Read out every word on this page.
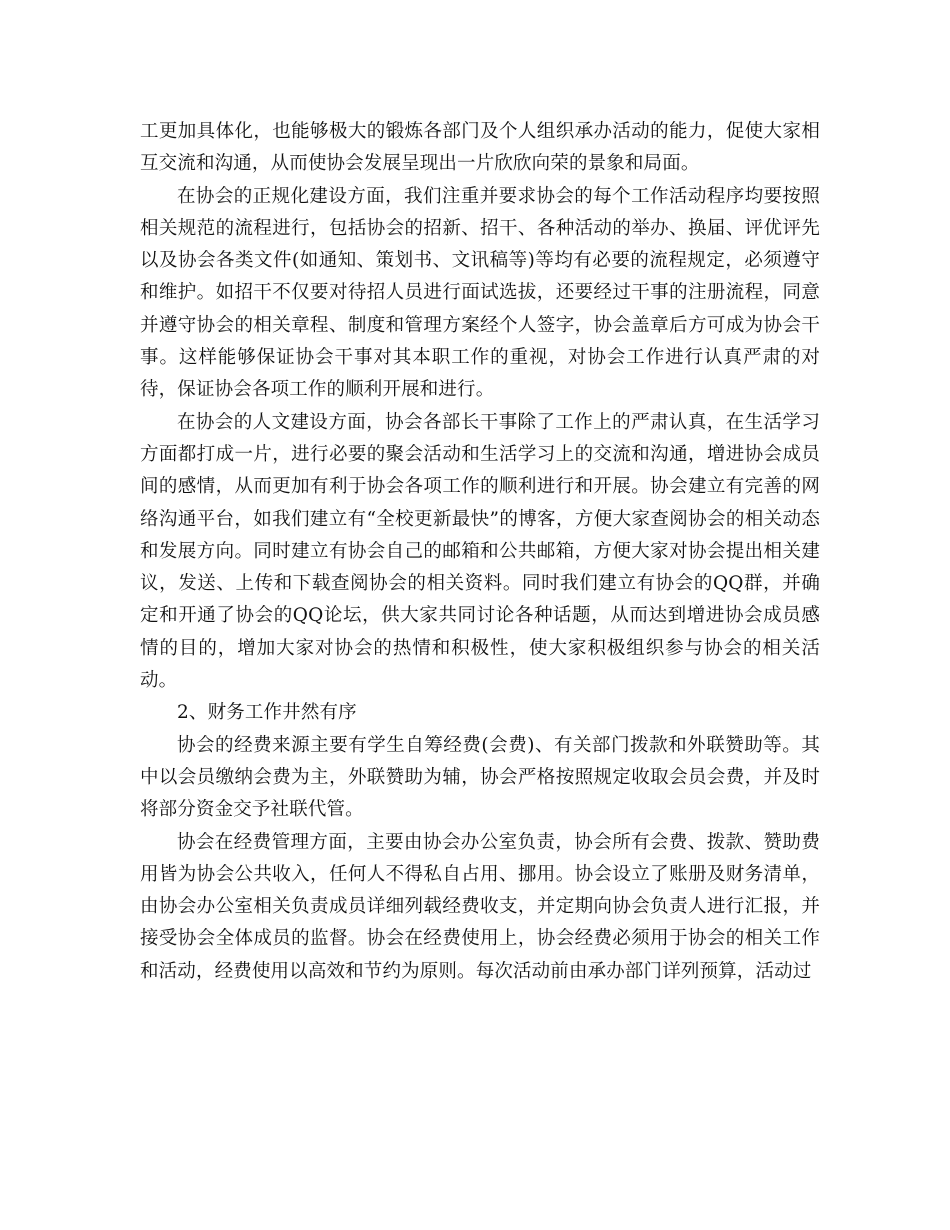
工更加具体化，也能够极大的锻炼各部门及个人组织承办活动的能力，促使大家相互交流和沟通，从而使协会发展呈现出一片欣欣向荣的景象和局面。

在协会的正规化建设方面，我们注重并要求协会的每个工作活动程序均要按照相关规范的流程进行，包括协会的招新、招干、各种活动的举办、换届、评优评先以及协会各类文件(如通知、策划书、文讯稿等)等均有必要的流程规定，必须遵守和维护。如招干不仅要对待招人员进行面试选拔，还要经过干事的注册流程，同意并遵守协会的相关章程、制度和管理方案经个人签字，协会盖章后方可成为协会干事。这样能够保证协会干事对其本职工作的重视，对协会工作进行认真严肃的对待，保证协会各项工作的顺利开展和进行。

在协会的人文建设方面，协会各部长干事除了工作上的严肃认真，在生活学习方面都打成一片，进行必要的聚会活动和生活学习上的交流和沟通，增进协会成员间的感情，从而更加有利于协会各项工作的顺利进行和开展。协会建立有完善的网络沟通平台，如我们建立有“全校更新最快”的博客，方便大家查阅协会的相关动态和发展方向。同时建立有协会自己的邮箱和公共邮箱，方便大家对协会提出相关建议，发送、上传和下载查阅协会的相关资料。同时我们建立有协会的QQ群，并确定和开通了协会的QQ论坛，供大家共同讨论各种话题，从而达到增进协会成员感情的目的，增加大家对协会的热情和积极性，使大家积极组织参与协会的相关活动。

2、财务工作井然有序

协会的经费来源主要有学生自筹经费(会费)、有关部门拨款和外联赞助等。其中以会员缴纳会费为主，外联赞助为辅，协会严格按照规定收取会员会费，并及时将部分资金交予社联代管。

协会在经费管理方面，主要由协会办公室负责，协会所有会费、拨款、赞助费用皆为协会公共收入，任何人不得私自占用、挪用。协会设立了账册及财务清单，由协会办公室相关负责成员详细列载经费收支，并定期向协会负责人进行汇报，并接受协会全体成员的监督。协会在经费使用上，协会经费必须用于协会的相关工作和活动，经费使用以高效和节约为原则。每次活动前由承办部门详列预算，活动过
